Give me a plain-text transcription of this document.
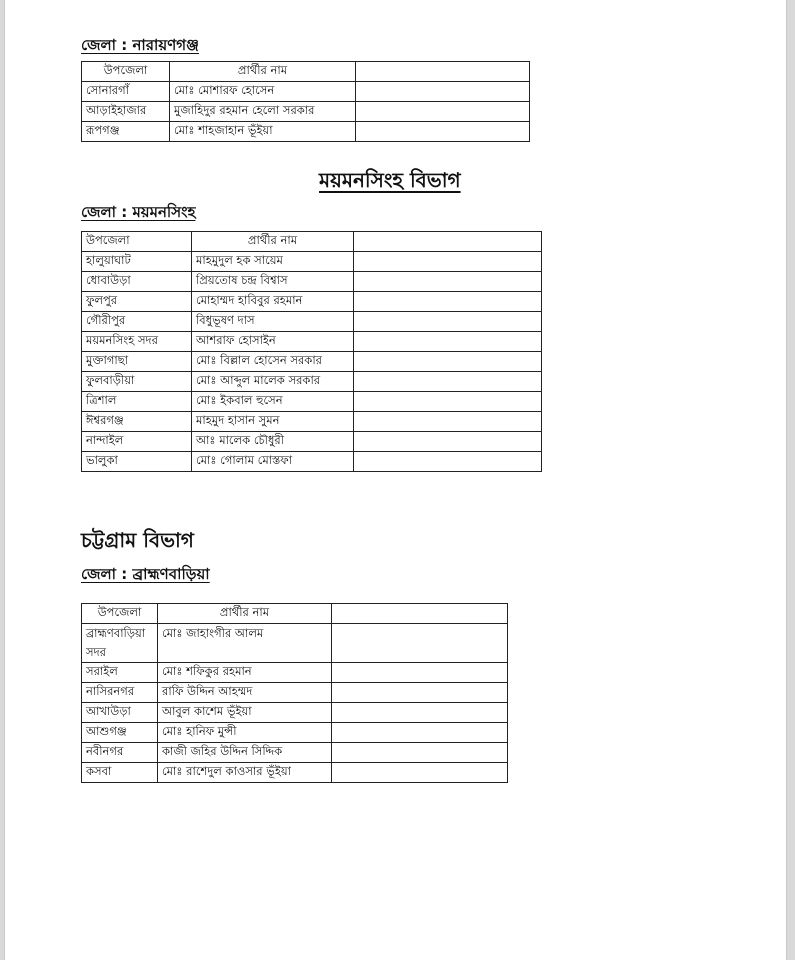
জেলা : নারায়ণগঞ্জ
উপজেলা	প্রার্থীর নাম	
সোনারগাঁ	মোঃ মোশারফ হোসেন	
আড়াইহাজার	মুজাহিদুর রহমান হেলো সরকার	
রূপগঞ্জ	মোঃ শাহজাহান ভূঁইয়া	
ময়মনসিংহ বিভাগ
জেলা : ময়মনসিংহ
উপজেলা	প্রার্থীর নাম	
হালুয়াঘাট	মাহমুদুল হক সায়েম	
ধোবাউড়া	প্রিয়তোষ চন্দ্র বিশ্বাস	
ফুলপুর	মোহাম্মদ হাবিবুর রহমান	
গৌরীপুর	বিধুভূষণ দাস	
ময়মনসিংহ সদর	আশরাফ হোসাইন	
মুক্তাগাছা	মোঃ বিল্লাল হোসেন সরকার	
ফুলবাড়ীয়া	মোঃ আব্দুল মালেক সরকার	
ত্রিশাল	মোঃ ইকবাল হুসেন	
ঈশ্বরগঞ্জ	মাহমুদ হাসান সুমন	
নান্দাইল	আঃ মালেক চৌধুরী	
ভালুকা	মোঃ গোলাম মোস্তফা	
চট্টগ্রাম বিভাগ
জেলা : ব্রাহ্মণবাড়িয়া
উপজেলা	প্রার্থীর নাম	
ব্রাহ্মণবাড়িয়া সদর	মোঃ জাহাংগীর আলম	
সরাইল	মোঃ শফিকুর রহমান	
নাসিরনগর	রাফি উদ্দিন আহম্মদ	
আখাউড়া	আবুল কাশেম ভূঁইয়া	
আশুগঞ্জ	মোঃ হানিফ মুন্সী	
নবীনগর	কাজী জহির উদ্দিন সিদ্দিক	
কসবা	মোঃ রাশেদুল কাওসার ভূঁইয়া	
